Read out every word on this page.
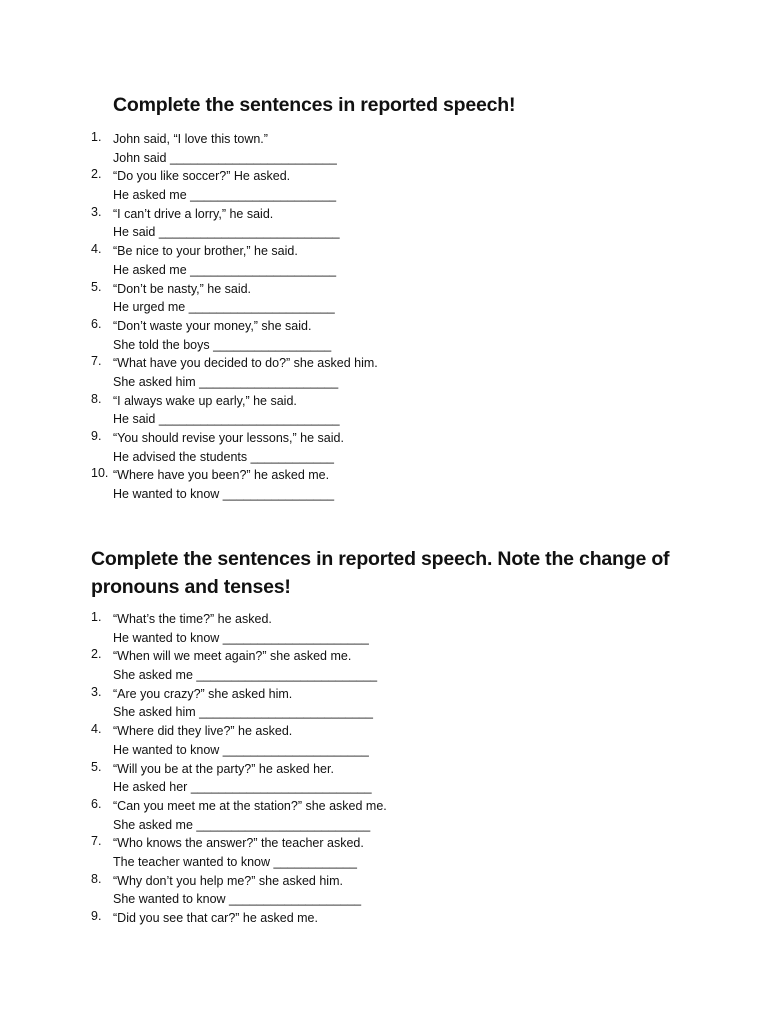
Complete the sentences in reported speech!
1. John said, “I love this town.”
John said ________________________
2. “Do you like soccer?” He asked.
He asked me _____________________
3. “I can’t drive a lorry,” he said.
He said __________________________
4. “Be nice to your brother,” he said.
He asked me _____________________
5. “Don’t be nasty,” he said.
He urged me _____________________
6. “Don’t waste your money,” she said.
She told the boys _________________
7. “What have you decided to do?” she asked him.
She asked him ____________________
8. “I always wake up early,” he said.
He said __________________________
9. “You should revise your lessons,” he said.
He advised the students ____________
10. “Where have you been?” he asked me.
He wanted to know ________________
Complete the sentences in reported speech. Note the change of pronouns and tenses!
1. “What’s the time?” he asked.
He wanted to know _____________________
2. “When will we meet again?” she asked me.
She asked me __________________________
3. “Are you crazy?” she asked him.
She asked him _________________________
4. “Where did they live?” he asked.
He wanted to know _____________________
5. “Will you be at the party?” he asked her.
He asked her __________________________
6. “Can you meet me at the station?” she asked me.
She asked me _________________________
7. “Who knows the answer?” the teacher asked.
The teacher wanted to know ____________
8. “Why don’t you help me?” she asked him.
She wanted to know ___________________
9. “Did you see that car?” he asked me.
